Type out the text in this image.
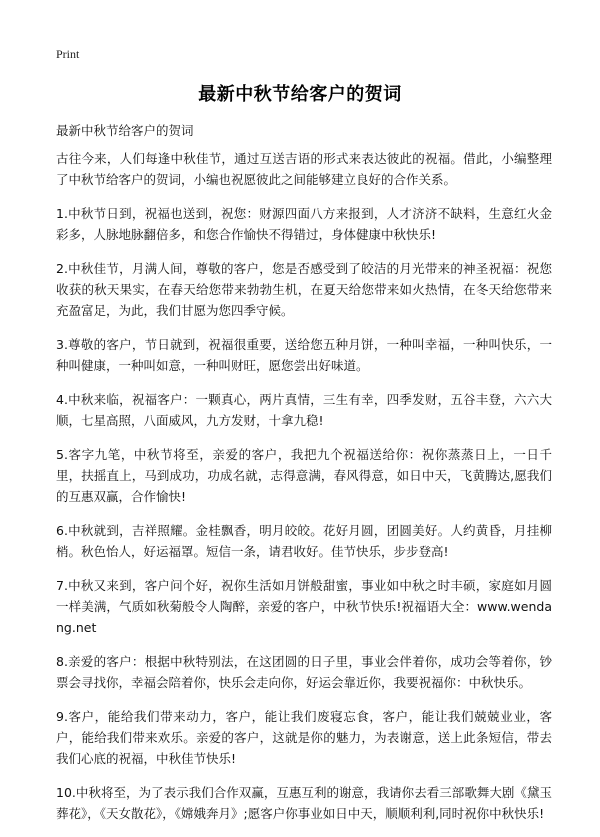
Print
最新中秋节给客户的贺词

最新中秋节给客户的贺词

古往今来，人们每逢中秋佳节，通过互送吉语的形式来表达彼此的祝福。借此，小编整理了中秋节给客户的贺词，小编也祝愿彼此之间能够建立良好的合作关系。

1.中秋节日到，祝福也送到，祝您：财源四面八方来报到，人才济济不缺料，生意红火金彩多，人脉地脉翻倍多，和您合作愉快不得错过，身体健康中秋快乐!

2.中秋佳节，月满人间，尊敬的客户，您是否感受到了皎洁的月光带来的神圣祝福：祝您收获的秋天果实，在春天给您带来勃勃生机，在夏天给您带来如火热情，在冬天给您带来充盈富足，为此，我们甘愿为您四季守候。

3.尊敬的客户，节日就到，祝福很重要，送给您五种月饼，一种叫幸福，一种叫快乐，一种叫健康，一种叫如意，一种叫财旺，愿您尝出好味道。

4.中秋来临，祝福客户：一颗真心，两片真情，三生有幸，四季发财，五谷丰登，六六大顺，七星高照，八面威风，九方发财，十拿九稳!

5.客字九笔，中秋节将至，亲爱的客户，我把九个祝福送给你：祝你蒸蒸日上，一日千里，扶摇直上，马到成功，功成名就，志得意满，春风得意，如日中天，飞黄腾达,愿我们的互惠双赢，合作愉快!

6.中秋就到，吉祥照耀。金桂飘香，明月皎皎。花好月圆，团圆美好。人约黄昏，月挂柳梢。秋色怡人，好运福罩。短信一条，请君收好。佳节快乐，步步登高!

7.中秋又来到，客户问个好，祝你生活如月饼般甜蜜，事业如中秋之时丰硕，家庭如月圆一样美满，气质如秋菊般令人陶醉，亲爱的客户，中秋节快乐!祝福语大全：www.wendang.net

8.亲爱的客户：根据中秋特别法，在这团圆的日子里，事业会伴着你，成功会等着你，钞票会寻找你，幸福会陪着你，快乐会走向你，好运会靠近你，我要祝福你：中秋快乐。

9.客户，能给我们带来动力，客户，能让我们废寝忘食，客户，能让我们兢兢业业，客户，能给我们带来欢乐。亲爱的客户，这就是你的魅力，为表谢意，送上此条短信，带去我们心底的祝福，中秋佳节快乐!

10.中秋将至，为了表示我们合作双赢，互惠互利的谢意，我请你去看三部歌舞大剧《黛玉葬花》，《天女散花》，《嫦娥奔月》;愿客户你事业如日中天，顺顺利利,同时祝你中秋快乐!
